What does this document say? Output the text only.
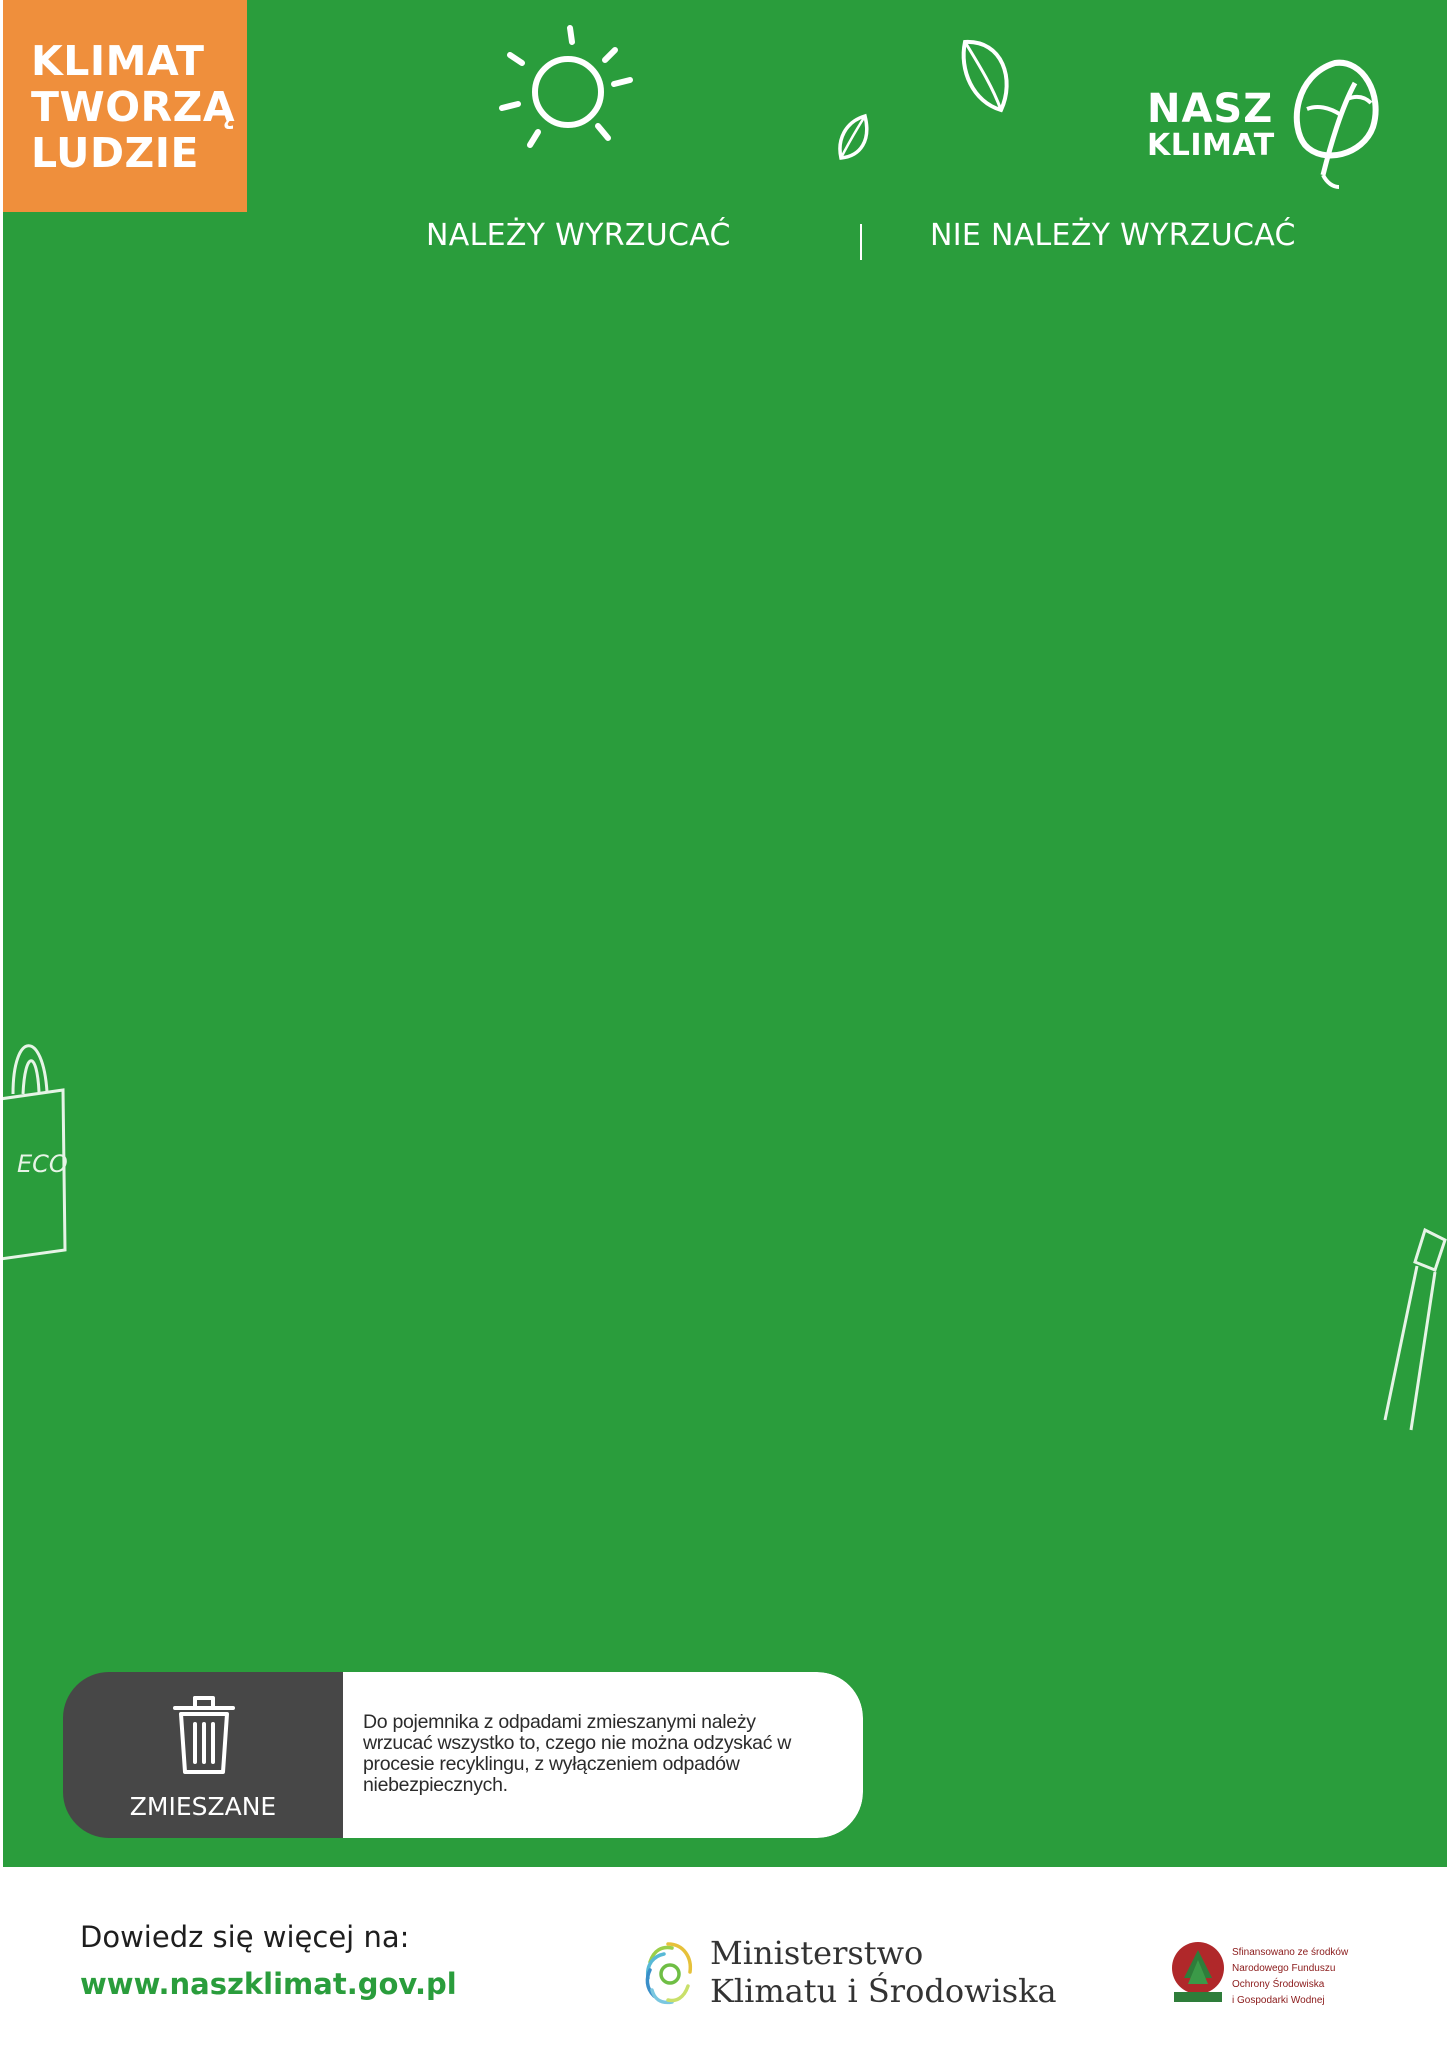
KLIMAT
TWORZĄ
LUDZIE
NASZ
KLIMAT
NALEŻY WYRZUCAĆ	NIE NALEŻY WYRZUCAĆ
ECO
ZMIESZANE
Do pojemnika z odpadami zmieszanymi należy wrzucać wszystko to, czego nie można odzyskać w procesie recyklingu, z wyłączeniem odpadów niebezpiecznych.
Dowiedz się więcej na:
www.naszklimat.gov.pl
Ministerstwo
Klimatu i Środowiska
Sfinansowano ze środków
Narodowego Funduszu
Ochrony Środowiska
i Gospodarki Wodnej
